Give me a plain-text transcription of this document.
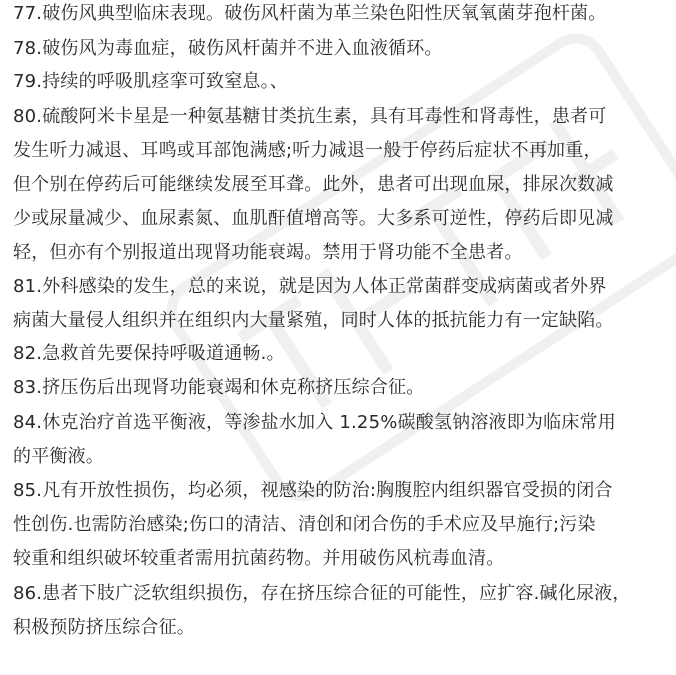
77.破伤风典型临床表现。破伤风杆菌为革兰染色阳性厌氧氧菌芽孢杆菌。
78.破伤风为毒血症，破伤风杆菌并不进入血液循环。
79.持续的呼吸肌痉挛可致窒息。、
80.硫酸阿米卡星是一种氨基糖甘类抗生素，具有耳毒性和肾毒性，患者可
发生听力减退、耳鸣或耳部饱满感;听力减退一般于停药后症状不再加重，
但个别在停药后可能继续发展至耳聋。此外，患者可出现血尿，排尿次数减
少或尿量减少、血尿素氮、血肌酐值增高等。大多系可逆性，停药后即见减
轻，但亦有个别报道出现肾功能衰竭。禁用于肾功能不全患者。
81.外科感染的发生，总的来说，就是因为人体正常菌群变成病菌或者外界
病菌大量侵人组织并在组织内大量紧殖，同时人体的抵抗能力有一定缺陷。
82.急救首先要保持呼吸道通畅.。
83.挤压伤后出现肾功能衰竭和休克称挤压综合征。
84.休克治疗首选平衡液，等渗盐水加入 1.25%碳酸氢钠溶液即为临床常用
的平衡液。
85.凡有开放性损伤，均必须，视感染的防治:胸腹腔内组织器官受损的闭合
性创伤.也需防治感染;伤口的清洁、清创和闭合伤的手术应及早施行;污染
较重和组织破坏较重者需用抗菌药物。并用破伤风杭毒血清。
86.患者下肢广泛软组织损伤，存在挤压综合征的可能性，应扩容.碱化尿液，
积极预防挤压综合征。
